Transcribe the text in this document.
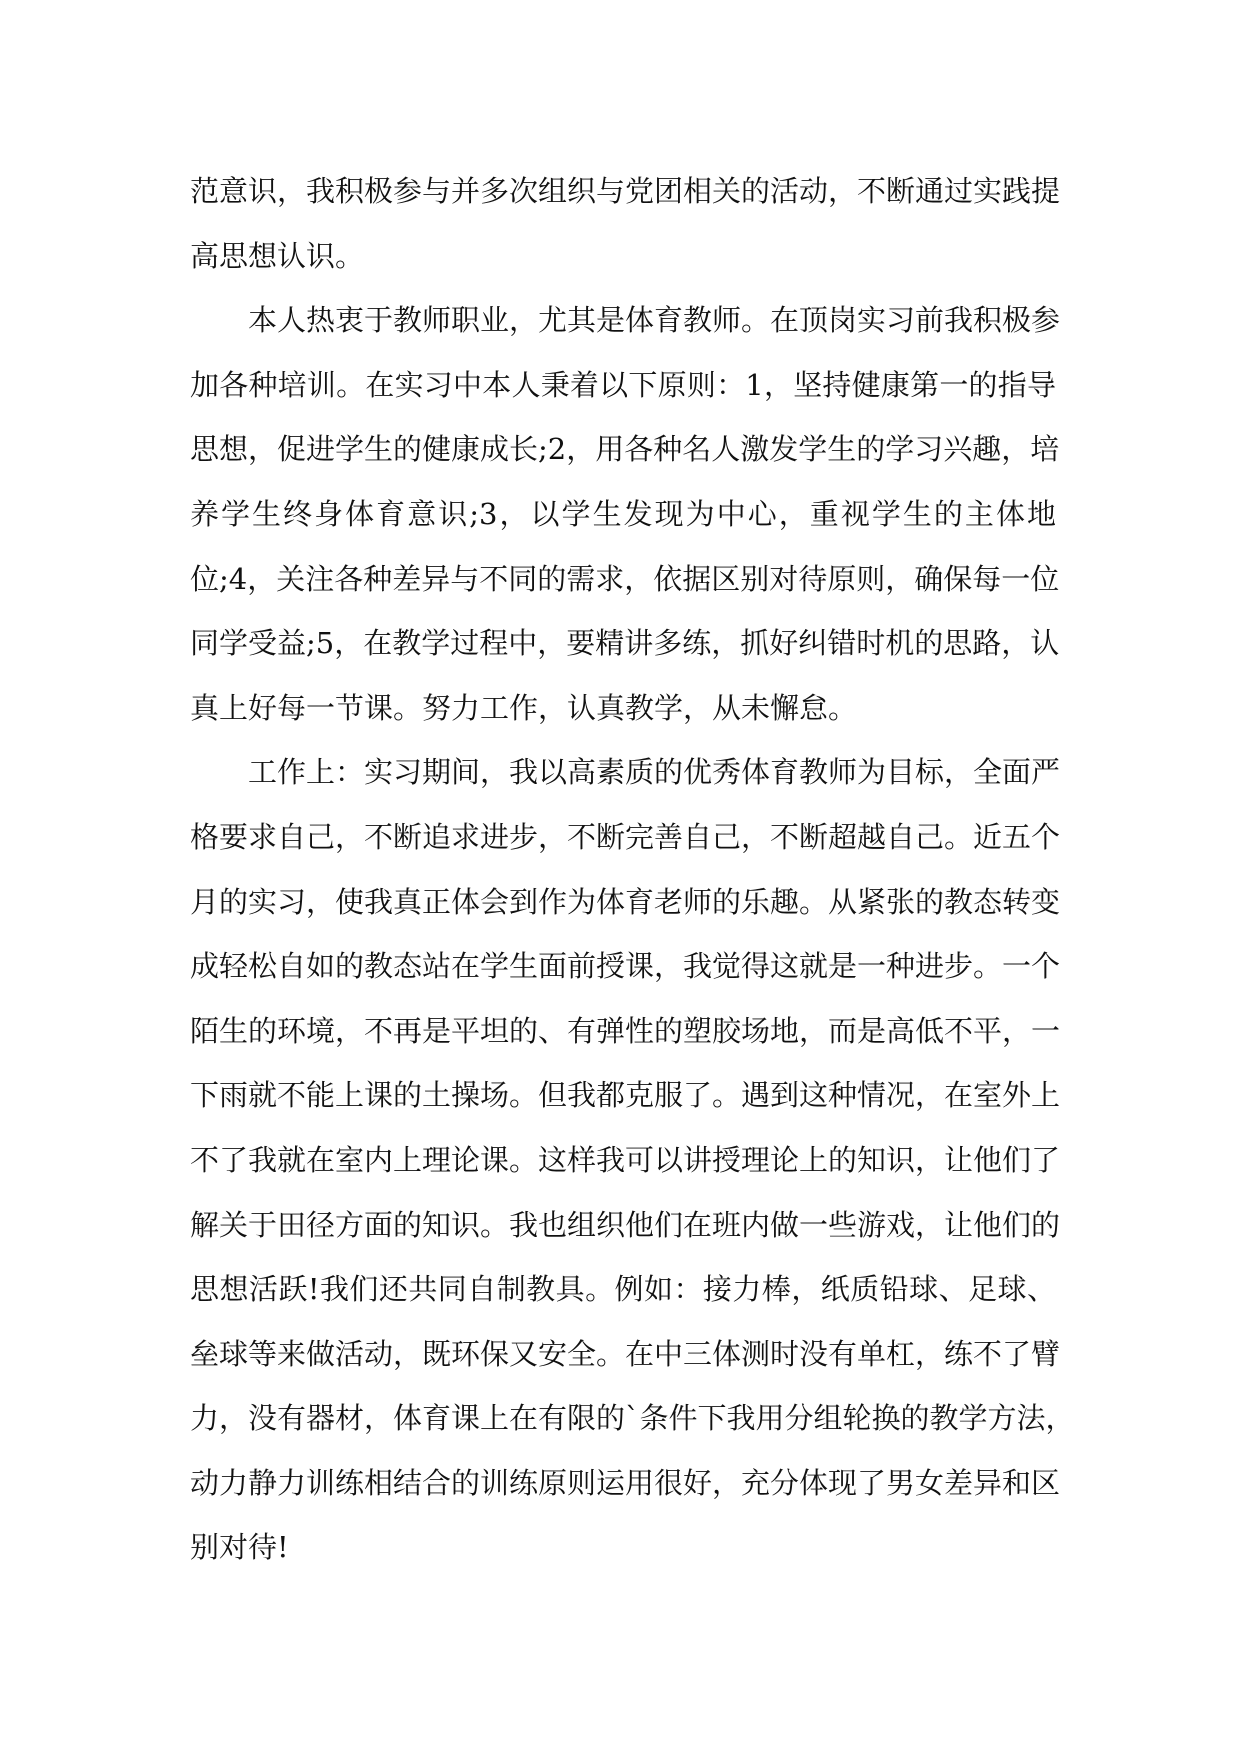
范意识，我积极参与并多次组织与党团相关的活动，不断通过实践提
高思想认识。
本人热衷于教师职业，尤其是体育教师。在顶岗实习前我积极参
加各种培训。在实习中本人秉着以下原则：1，坚持健康第一的指导
思想，促进学生的健康成长;2，用各种名人激发学生的学习兴趣，培
养学生终身体育意识;3，以学生发现为中心，重视学生的主体地
位;4，关注各种差异与不同的需求，依据区别对待原则，确保每一位
同学受益;5，在教学过程中，要精讲多练，抓好纠错时机的思路，认
真上好每一节课。努力工作，认真教学，从未懈怠。
工作上：实习期间，我以高素质的优秀体育教师为目标，全面严
格要求自己，不断追求进步，不断完善自己，不断超越自己。近五个
月的实习，使我真正体会到作为体育老师的乐趣。从紧张的教态转变
成轻松自如的教态站在学生面前授课，我觉得这就是一种进步。一个
陌生的环境，不再是平坦的、有弹性的塑胶场地，而是高低不平，一
下雨就不能上课的土操场。但我都克服了。遇到这种情况，在室外上
不了我就在室内上理论课。这样我可以讲授理论上的知识，让他们了
解关于田径方面的知识。我也组织他们在班内做一些游戏，让他们的
思想活跃!我们还共同自制教具。例如：接力棒，纸质铅球、足球、
垒球等来做活动，既环保又安全。在中三体测时没有单杠，练不了臂
力，没有器材，体育课上在有限的`条件下我用分组轮换的教学方法，
动力静力训练相结合的训练原则运用很好，充分体现了男女差异和区
别对待!
